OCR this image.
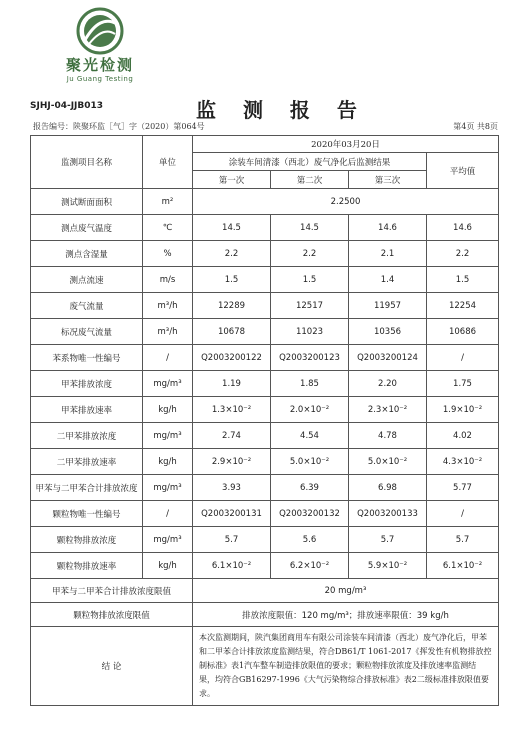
聚光检测
Ju Guang Testing
SJHJ-04-JJB013	监 测 报 告
报告编号：陕聚环监［气］字（2020）第064号	第4页 共8页
监测项目名称	单位	2020年03月20日			
		涂装车间清漆（西北）废气净化后监测结果			平均值
		第一次	第二次	第三次	
测试断面面积	m²	2.2500			
测点废气温度	℃	14.5	14.5	14.6	14.6
测点含湿量	%	2.2	2.2	2.1	2.2
测点流速	m/s	1.5	1.5	1.4	1.5
废气流量	m³/h	12289	12517	11957	12254
标况废气流量	m³/h	10678	11023	10356	10686
苯系物唯一性编号	/	Q2003200122	Q2003200123	Q2003200124	/
甲苯排放浓度	mg/m³	1.19	1.85	2.20	1.75
甲苯排放速率	kg/h	1.3×10⁻²	2.0×10⁻²	2.3×10⁻²	1.9×10⁻²
二甲苯排放浓度	mg/m³	2.74	4.54	4.78	4.02
二甲苯排放速率	kg/h	2.9×10⁻²	5.0×10⁻²	5.0×10⁻²	4.3×10⁻²
甲苯与二甲苯合计排放浓度	mg/m³	3.93	6.39	6.98	5.77
颗粒物唯一性编号	/	Q2003200131	Q2003200132	Q2003200133	/
颗粒物排放浓度	mg/m³	5.7	5.6	5.7	5.7
颗粒物排放速率	kg/h	6.1×10⁻²	6.2×10⁻²	5.9×10⁻²	6.1×10⁻²
甲苯与二甲苯合计排放浓度限值		20 mg/m³			
颗粒物排放浓度限值		排放浓度限值：120 mg/m³；排放速率限值：39 kg/h			
结 论		本次监测期间，陕汽集团商用车有限公司涂装车间清漆（西北）废气净化后，甲苯和二甲苯合计排放浓度监测结果，符合DB61/T 1061-2017《挥发性有机物排放控制标准》表1汽车整车制造排放限值的要求；颗粒物排放浓度及排放速率监测结果，均符合GB16297-1996《大气污染物综合排放标准》表2二级标准排放限值要求。			
